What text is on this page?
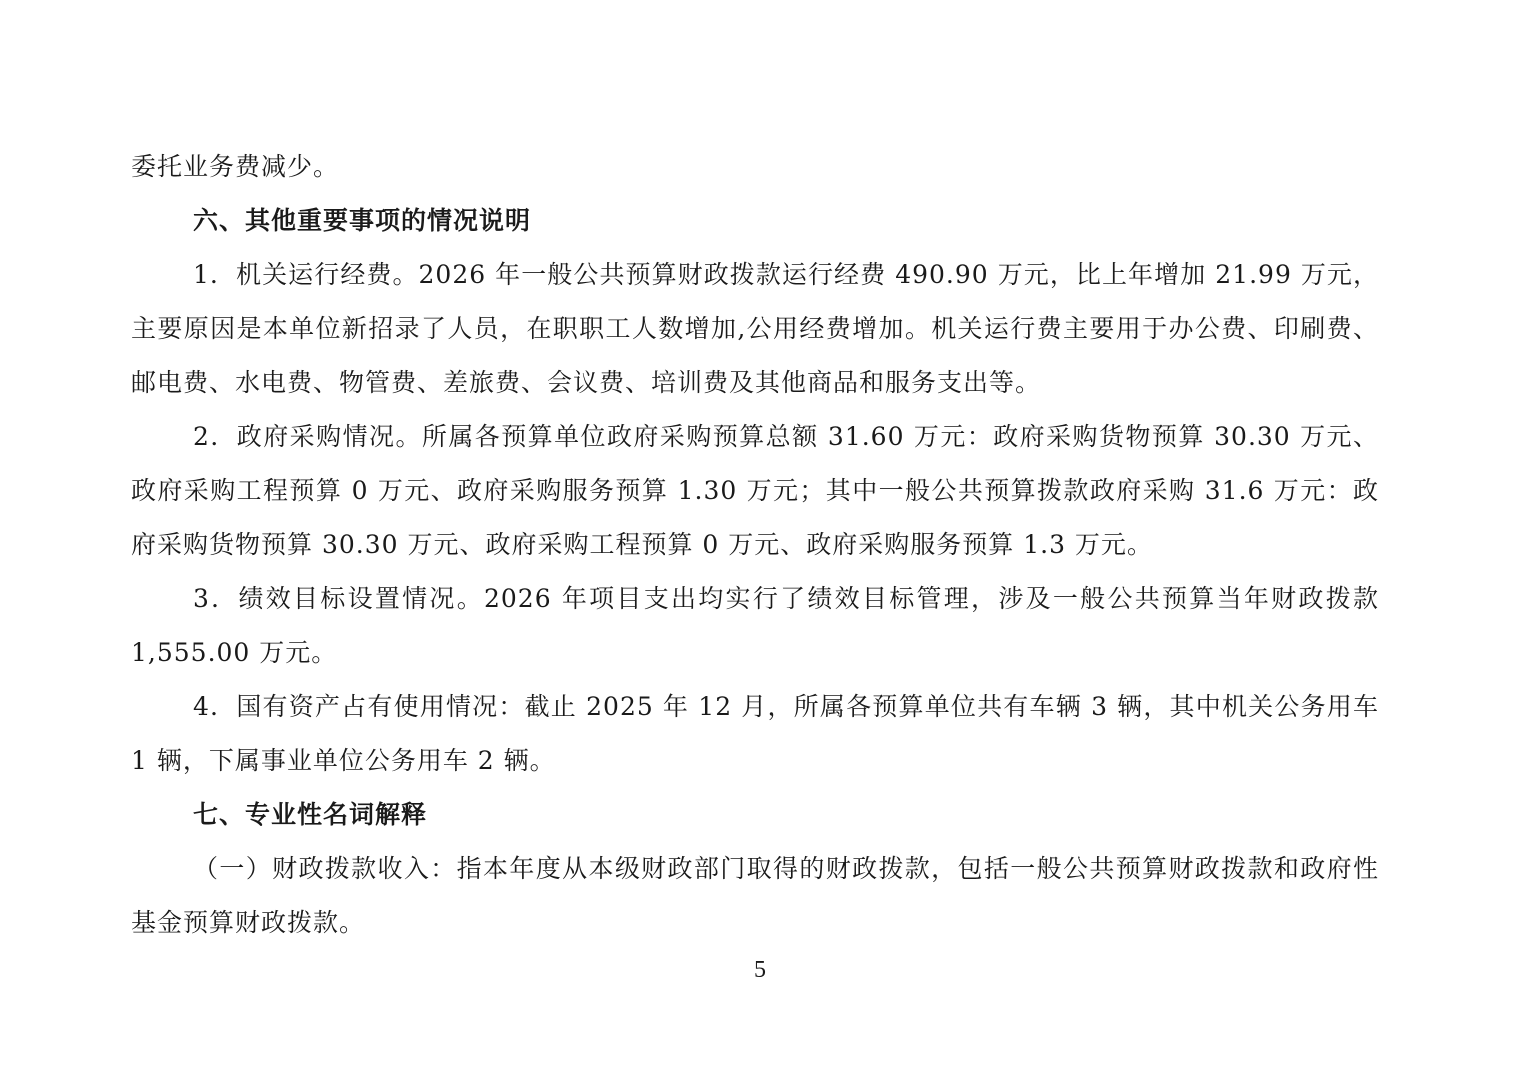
委托业务费减少。

六、其他重要事项的情况说明

1．机关运行经费。2026 年一般公共预算财政拨款运行经费 490.90 万元，比上年增加 21.99 万元，主要原因是本单位新招录了人员，在职职工人数增加,公用经费增加。机关运行费主要用于办公费、印刷费、邮电费、水电费、物管费、差旅费、会议费、培训费及其他商品和服务支出等。

2．政府采购情况。所属各预算单位政府采购预算总额 31.60 万元：政府采购货物预算 30.30 万元、政府采购工程预算 0 万元、政府采购服务预算 1.30 万元；其中一般公共预算拨款政府采购 31.6 万元：政府采购货物预算 30.30 万元、政府采购工程预算 0 万元、政府采购服务预算 1.3 万元。

3．绩效目标设置情况。2026 年项目支出均实行了绩效目标管理，涉及一般公共预算当年财政拨款 1,555.00 万元。

4．国有资产占有使用情况：截止 2025 年 12 月，所属各预算单位共有车辆 3 辆，其中机关公务用车 1 辆，下属事业单位公务用车 2 辆。

七、专业性名词解释

（一）财政拨款收入：指本年度从本级财政部门取得的财政拨款，包括一般公共预算财政拨款和政府性基金预算财政拨款。

5
